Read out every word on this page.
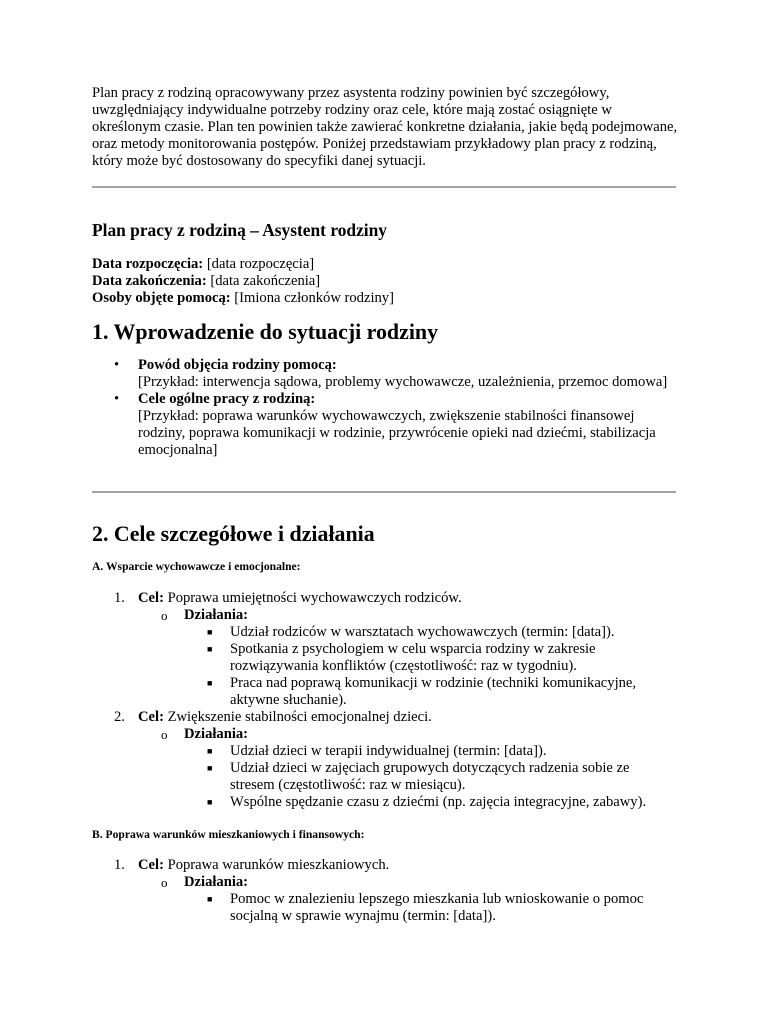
Plan pracy z rodziną opracowywany przez asystenta rodziny powinien być szczegółowy, uwzględniający indywidualne potrzeby rodziny oraz cele, które mają zostać osiągnięte w określonym czasie. Plan ten powinien także zawierać konkretne działania, jakie będą podejmowane, oraz metody monitorowania postępów. Poniżej przedstawiam przykładowy plan pracy z rodziną, który może być dostosowany do specyfiki danej sytuacji.

Plan pracy z rodziną – Asystent rodziny
Data rozpoczęcia: [data rozpoczęcia]
Data zakończenia: [data zakończenia]
Osoby objęte pomocą: [Imiona członków rodziny]
1. Wprowadzenie do sytuacji rodziny
• Powód objęcia rodziny pomocą:
[Przykład: interwencja sądowa, problemy wychowawcze, uzależnienia, przemoc domowa]
• Cele ogólne pracy z rodziną:
[Przykład: poprawa warunków wychowawczych, zwiększenie stabilności finansowej rodziny, poprawa komunikacji w rodzinie, przywrócenie opieki nad dziećmi, stabilizacja emocjonalna]
2. Cele szczegółowe i działania
A. Wsparcie wychowawcze i emocjonalne:
1. Cel: Poprawa umiejętności wychowawczych rodziców.
o Działania:
■ Udział rodziców w warsztatach wychowawczych (termin: [data]).
■ Spotkania z psychologiem w celu wsparcia rodziny w zakresie rozwiązywania konfliktów (częstotliwość: raz w tygodniu).
■ Praca nad poprawą komunikacji w rodzinie (techniki komunikacyjne, aktywne słuchanie).
2. Cel: Zwiększenie stabilności emocjonalnej dzieci.
o Działania:
■ Udział dzieci w terapii indywidualnej (termin: [data]).
■ Udział dzieci w zajęciach grupowych dotyczących radzenia sobie ze stresem (częstotliwość: raz w miesiącu).
■ Wspólne spędzanie czasu z dziećmi (np. zajęcia integracyjne, zabawy).
B. Poprawa warunków mieszkaniowych i finansowych:
1. Cel: Poprawa warunków mieszkaniowych.
o Działania:
■ Pomoc w znalezieniu lepszego mieszkania lub wnioskowanie o pomoc socjalną w sprawie wynajmu (termin: [data]).
